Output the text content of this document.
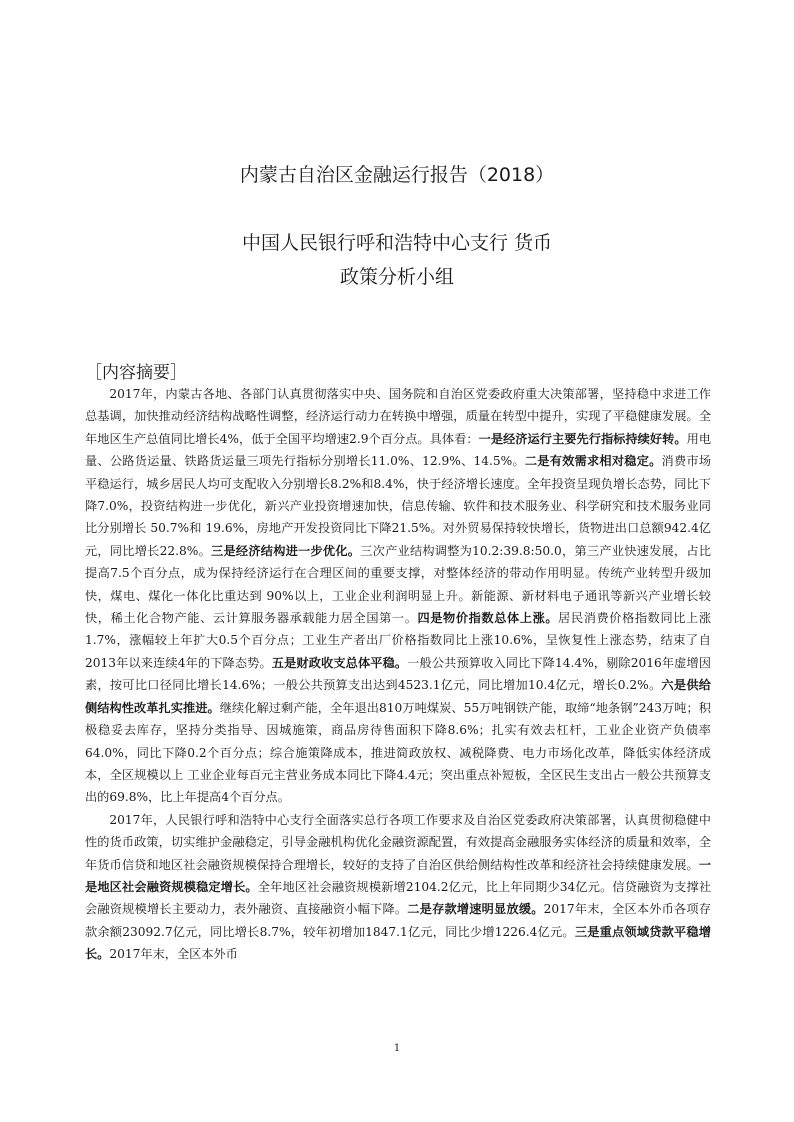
内蒙古自治区金融运行报告（2018）
中国人民银行呼和浩特中心支行 货币
政策分析小组
［内容摘要］

2017年，内蒙古各地、各部门认真贯彻落实中央、国务院和自治区党委政府重大决策部署，坚持稳中求进工作总基调，加快推动经济结构战略性调整，经济运行动力在转换中增强，质量在转型中提升，实现了平稳健康发展。全年地区生产总值同比增长4%，低于全国平均增速2.9个百分点。具体看：一是经济运行主要先行指标持续好转。用电量、公路货运量、铁路货运量三项先行指标分别增长11.0%、12.9%、14.5%。二是有效需求相对稳定。消费市场平稳运行，城乡居民人均可支配收入分别增长8.2%和8.4%，快于经济增长速度。全年投资呈现负增长态势，同比下降7.0%，投资结构进一步优化，新兴产业投资增速加快，信息传输、软件和技术服务业、科学研究和技术服务业同比分别增长 50.7%和 19.6%，房地产开发投资同比下降21.5%。对外贸易保持较快增长，货物进出口总额942.4亿元，同比增长22.8%。三是经济结构进一步优化。三次产业结构调整为10.2:39.8:50.0，第三产业快速发展，占比提高7.5个百分点，成为保持经济运行在合理区间的重要支撑，对整体经济的带动作用明显。传统产业转型升级加快，煤电、煤化一体化比重达到 90%以上，工业企业利润明显上升。新能源、新材料电子通讯等新兴产业增长较快，稀土化合物产能、云计算服务器承载能力居全国第一。四是物价指数总体上涨。居民消费价格指数同比上涨1.7%，涨幅较上年扩大0.5个百分点；工业生产者出厂价格指数同比上涨10.6%，呈恢复性上涨态势，结束了自2013年以来连续4年的下降态势。五是财政收支总体平稳。一般公共预算收入同比下降14.4%，剔除2016年虚增因素，按可比口径同比增长14.6%；一般公共预算支出达到4523.1亿元，同比增加10.4亿元，增长0.2%。六是供给侧结构性改革扎实推进。继续化解过剩产能，全年退出810万吨煤炭、55万吨钢铁产能，取缔“地条钢”243万吨；积极稳妥去库存，坚持分类指导、因城施策，商品房待售面积下降8.6%；扎实有效去杠杆，工业企业资产负债率64.0%，同比下降0.2个百分点；综合施策降成本，推进简政放权、减税降费、电力市场化改革，降低实体经济成本，全区规模以上 工业企业每百元主营业务成本同比下降4.4元；突出重点补短板，全区民生支出占一般公共预算支出的69.8%，比上年提高4个百分点。

2017年，人民银行呼和浩特中心支行全面落实总行各项工作要求及自治区党委政府决策部署，认真贯彻稳健中性的货币政策，切实维护金融稳定，引导金融机构优化金融资源配置，有效提高金融服务实体经济的质量和效率，全年货币信贷和地区社会融资规模保持合理增长，较好的支持了自治区供给侧结构性改革和经济社会持续健康发展。一是地区社会融资规模稳定增长。全年地区社会融资规模新增2104.2亿元，比上年同期少34亿元。信贷融资为支撑社会融资规模增长主要动力，表外融资、直接融资小幅下降。二是存款增速明显放缓。2017年末，全区本外币各项存款余额23092.7亿元，同比增长8.7%，较年初增加1847.1亿元，同比少增1226.4亿元。三是重点领域贷款平稳增长。2017年末，全区本外币

1
